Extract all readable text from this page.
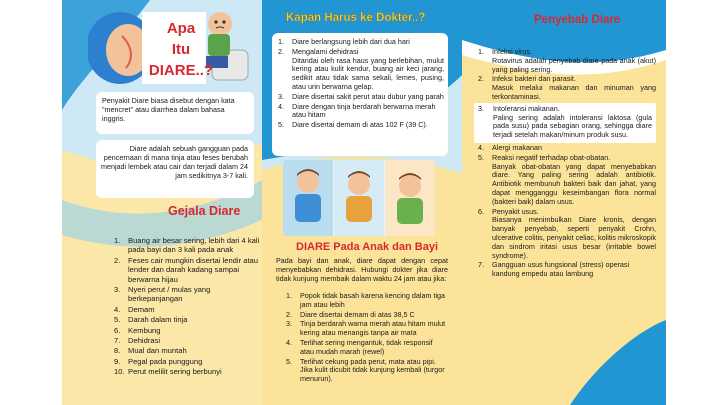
Apa
Itu
DIARE..?
Penyakit Diare biasa disebut dengan kata "mencret" atau diarrhea dalam bahasa inggris.
Diare adalah sebuah gangguan pada pencernaan di mana tinja atau feses berubah menjadi lembek atau cair dan terjadi dalam 24 jam sedikitnya 3-7 kali.
Gejala Diare
1. Buang air besar sering, lebih dari 4 kali pada bayi dan 3 kali pada anak
2. Feses cair mungkin disertai lendir atau lender dan darah kadang sampai berwarna hijau
3. Nyeri perut / mulas yang berkepanjangan
4. Demam
5. Darah dalam tinja
6. Kembung
7. Dehidrasi
8. Mual dan muntah
9. Pegal pada punggung
10. Perut melilit sering berbunyi
Kapan Harus ke Dokter..?
1. Diare berlangsung lebih dari dua hari
2. Mengalami dehidrasi
Ditandai oleh rasa haus yang berlebihan, mulut kering atau kulit kendur, buang air keci jarang, sedikit atau tidak sama sekali, lemes, pusing, atau urin berwarna gelap.
3. Diare disertai sakit perut atau dubur yang parah
4. Diare dengan tinja berdarah berwarna merah atau hitam
5. Diare disertai demam di atas 102 F (39 C).
DIARE Pada Anak dan Bayi
Pada bayi dan anak, diare dapat dengan cepat menyebabkan dehidrasi. Hubungi dokter jika diare tidak kunjung membaik dalam waktu 24 jam atau jika:
1. Popok tidak basah karena kencing dalam tiga jam atau lebih
2. Diare disertai demam di atas 38,5 C
3. Tinja berdarah warna merah atau hitam mulut kering atau menangis tanpa air mata
4. Terlihat sering mengantuk, tidak responsif atau mudah marah (rewel)
5. Terlihat cekung pada perut, mata atau pipi. Jika kulit dicubit tidak kunjung kembali (turgor menurun).
Penyebab Diare
1. Infeksi virus.
Rotavirus adalah penyebab diare pada anak (akut) yang paling sering.
2. Infeksi bakteri dan parasit.
Masuk melalui makanan dan minuman yang terkontaminasi.
3. Intoleransi makanan.
Paling sering adalah intoleransi laktosa (gula pada susu) pada sebagian orang, sehingga diare terjadi setelah makan/minum produk susu.
4. Alergi makanan
5. Reaksi negatif terhadap obat-obatan.
Banyak obat-obatan yang dapat menyebabkan diare. Yang paling sering adalah antibiotik. Antibiotik membunuh bakteri baik dan jahat, yang dapat mengganggu keseimbangan flora normal (bakteri baik) dalam usus.
6. Penyakit usus.
Biasanya menimbulkan Diare kronis, dengan banyak penyebab, seperti penyakit Crohn, ulcerative colitis, penyakit celiac, kolitis mikroskopik dan sindrom iritasi usus besar (irritable bowel syndrome).
7. Gangguan usus fungsional (stress) operasi kandung empedu atau lambung
